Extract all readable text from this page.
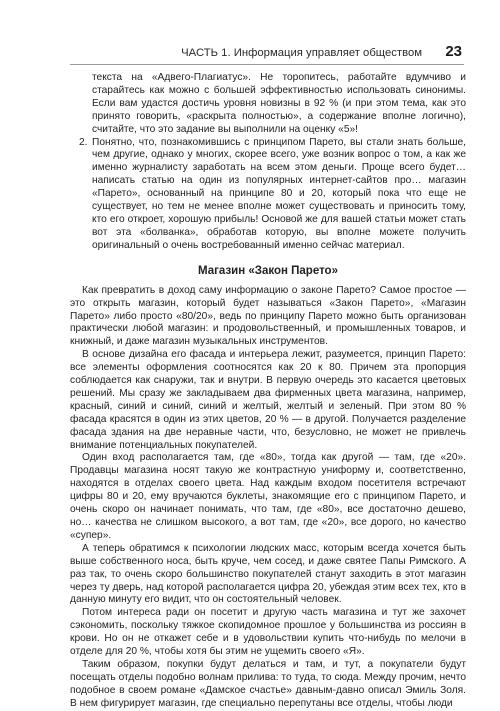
ЧАСТЬ 1. Информация управляет обществом 23

текста на «Адвего-Плагиатус». Не торопитесь, работайте вдумчиво и старайтесь как можно с большей эффективностью использовать синонимы. Если вам удастся достичь уровня новизны в 92 % (и при этом тема, как это принято говорить, «раскрыта полностью», а содержание вполне логично), считайте, что это задание вы выполнили на оценку «5»!

2. Понятно, что, познакомившись с принципом Парето, вы стали знать больше, чем другие, однако у многих, скорее всего, уже возник вопрос о том, а как же именно журналисту заработать на всем этом деньги. Проще всего будет… написать статью на один из популярных интернет-сайтов про… магазин «Парето», основанный на принципе 80 и 20, который пока что еще не существует, но тем не менее вполне может существовать и приносить тому, кто его откроет, хорошую прибыль! Основой же для вашей статьи может стать вот эта «болванка», обработав которую, вы вполне можете получить оригинальный о очень востребованный именно сейчас материал.
Магазин «Закон Парето»

Как превратить в доход саму информацию о законе Парето? Самое простое — это открыть магазин, который будет называться «Закон Парето», «Магазин Парето» либо просто «80/20», ведь по принципу Парето можно быть организован практически любой магазин: и продовольственный, и промышленных товаров, и книжный, и даже магазин музыкальных инструментов.

В основе дизайна его фасада и интерьера лежит, разумеется, принцип Парето: все элементы оформления соотносятся как 20 к 80. Причем эта пропорция соблюдается как снаружи, так и внутри. В первую очередь это касается цветовых решений. Мы сразу же закладываем два фирменных цвета магазина, например, красный, синий и синий, синий и желтый, желтый и зеленый. При этом 80 % фасада красятся в один из этих цветов, 20 % — в другой. Получается разделение фасада здания на две неравные части, что, безусловно, не может не привлечь внимание потенциальных покупателей.

Один вход располагается там, где «80», тогда как другой — там, где «20». Продавцы магазина носят такую же контрастную униформу и, соответственно, находятся в отделах своего цвета. Над каждым входом посетителя встречают цифры 80 и 20, ему вручаются буклеты, знакомящие его с принципом Парето, и очень скоро он начинает понимать, что там, где «80», все достаточно дешево, но… качества не слишком высокого, а вот там, где «20», все дорого, но качество «супер».

А теперь обратимся к психологии людских масс, которым всегда хочется быть выше собственного носа, быть круче, чем сосед, и даже святее Папы Римского. А раз так, то очень скоро большинство покупателей станут заходить в этот магазин через ту дверь, над которой располагается цифра 20, убеждая этим всех тех, кто в данную минуту его видит, что он состоятельный человек.

Потом интереса ради он посетит и другую часть магазина и тут же захочет сэкономить, поскольку тяжкое скопидомное прошлое у большинства из россиян в крови. Но он не откажет себе и в удовольствии купить что-нибудь по мелочи в отделе для 20 %, чтобы хотя бы этим не ущемить своего «Я».

Таким образом, покупки будут делаться и там, и тут, а покупатели будут посещать отделы подобно волнам прилива: то туда, то сюда. Между прочим, нечто подобное в своем романе «Дамское счастье» давным-давно описал Эмиль Золя. В нем фигурирует магазин, где специально перепутаны все отделы, чтобы люди
